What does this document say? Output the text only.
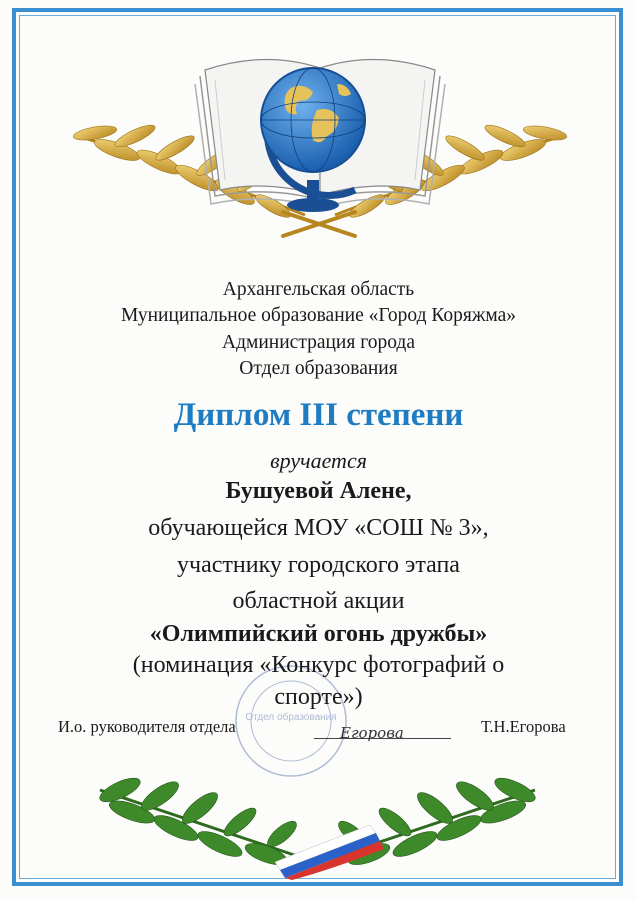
Отдел образования
Архангельская область
Муниципальное образование «Город Коряжма»
Администрация города
Отдел образования
Диплом III степени
вручается
Бушуевой Алене,
обучающейся МОУ «СОШ № 3»,
участнику городского этапа
областной акции
«Олимпийский огонь дружбы»
(номинация «Конкурс фотографий о
спорте»)
И.о. руководителя отдела	Егорова	Т.Н.Егорова
